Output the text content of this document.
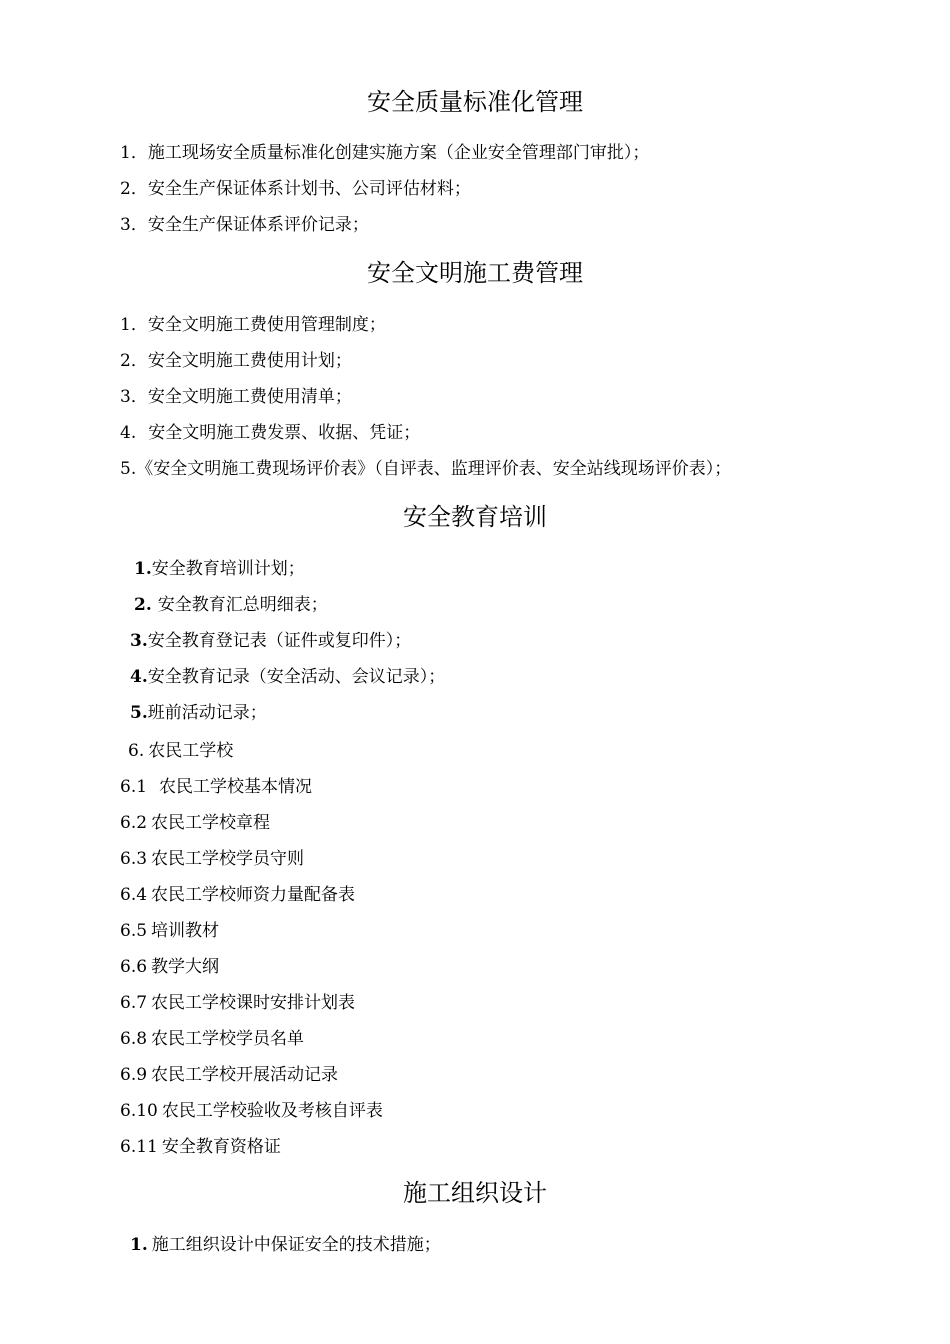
安全质量标准化管理
1．施工现场安全质量标准化创建实施方案（企业安全管理部门审批）；
2．安全生产保证体系计划书、公司评估材料；
3．安全生产保证体系评价记录；
安全文明施工费管理
1．安全文明施工费使用管理制度；
2．安全文明施工费使用计划；
3．安全文明施工费使用清单；
4. 安全文明施工费发票、收据、凭证；
5.《安全文明施工费现场评价表》（自评表、监理评价表、安全站线现场评价表）；
安全教育培训
1.安全教育培训计划；
2. 安全教育汇总明细表；
3.安全教育登记表（证件或复印件）；
4.安全教育记录（安全活动、会议记录）；
5.班前活动记录；
6. 农民工学校
6.1 农民工学校基本情况
6.2 农民工学校章程
6.3 农民工学校学员守则
6.4 农民工学校师资力量配备表
6.5 培训教材
6.6 教学大纲
6.7 农民工学校课时安排计划表
6.8 农民工学校学员名单
6.9 农民工学校开展活动记录
6.10 农民工学校验收及考核自评表
6.11 安全教育资格证
施工组织设计
1. 施工组织设计中保证安全的技术措施；
